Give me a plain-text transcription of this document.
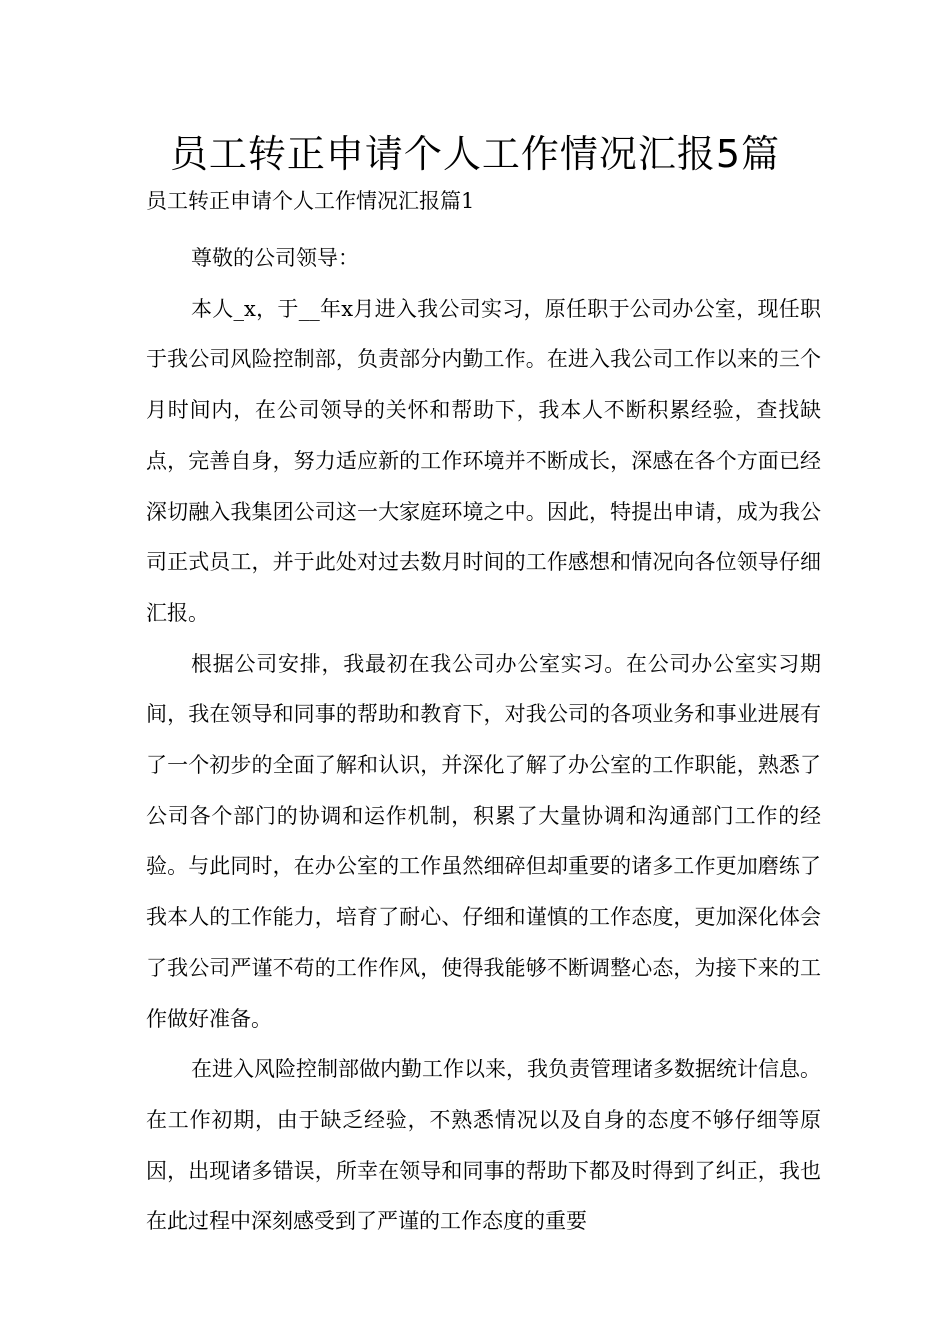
员工转正申请个人工作情况汇报5篇
员工转正申请个人工作情况汇报篇1

尊敬的公司领导：

本人_x，于__年x月进入我公司实习，原任职于公司办公室，现任职于我公司风险控制部，负责部分内勤工作。在进入我公司工作以来的三个月时间内，在公司领导的关怀和帮助下，我本人不断积累经验，查找缺点，完善自身，努力适应新的工作环境并不断成长，深感在各个方面已经深切融入我集团公司这一大家庭环境之中。因此，特提出申请，成为我公司正式员工，并于此处对过去数月时间的工作感想和情况向各位领导仔细汇报。

根据公司安排，我最初在我公司办公室实习。在公司办公室实习期间，我在领导和同事的帮助和教育下，对我公司的各项业务和事业进展有了一个初步的全面了解和认识，并深化了解了办公室的工作职能，熟悉了公司各个部门的协调和运作机制，积累了大量协调和沟通部门工作的经验。与此同时，在办公室的工作虽然细碎但却重要的诸多工作更加磨练了我本人的工作能力，培育了耐心、仔细和谨慎的工作态度，更加深化体会了我公司严谨不苟的工作作风，使得我能够不断调整心态，为接下来的工作做好准备。

在进入风险控制部做内勤工作以来，我负责管理诸多数据统计信息。在工作初期，由于缺乏经验，不熟悉情况以及自身的态度不够仔细等原因，出现诸多错误，所幸在领导和同事的帮助下都及时得到了纠正，我也在此过程中深刻感受到了严谨的工作态度的重要
